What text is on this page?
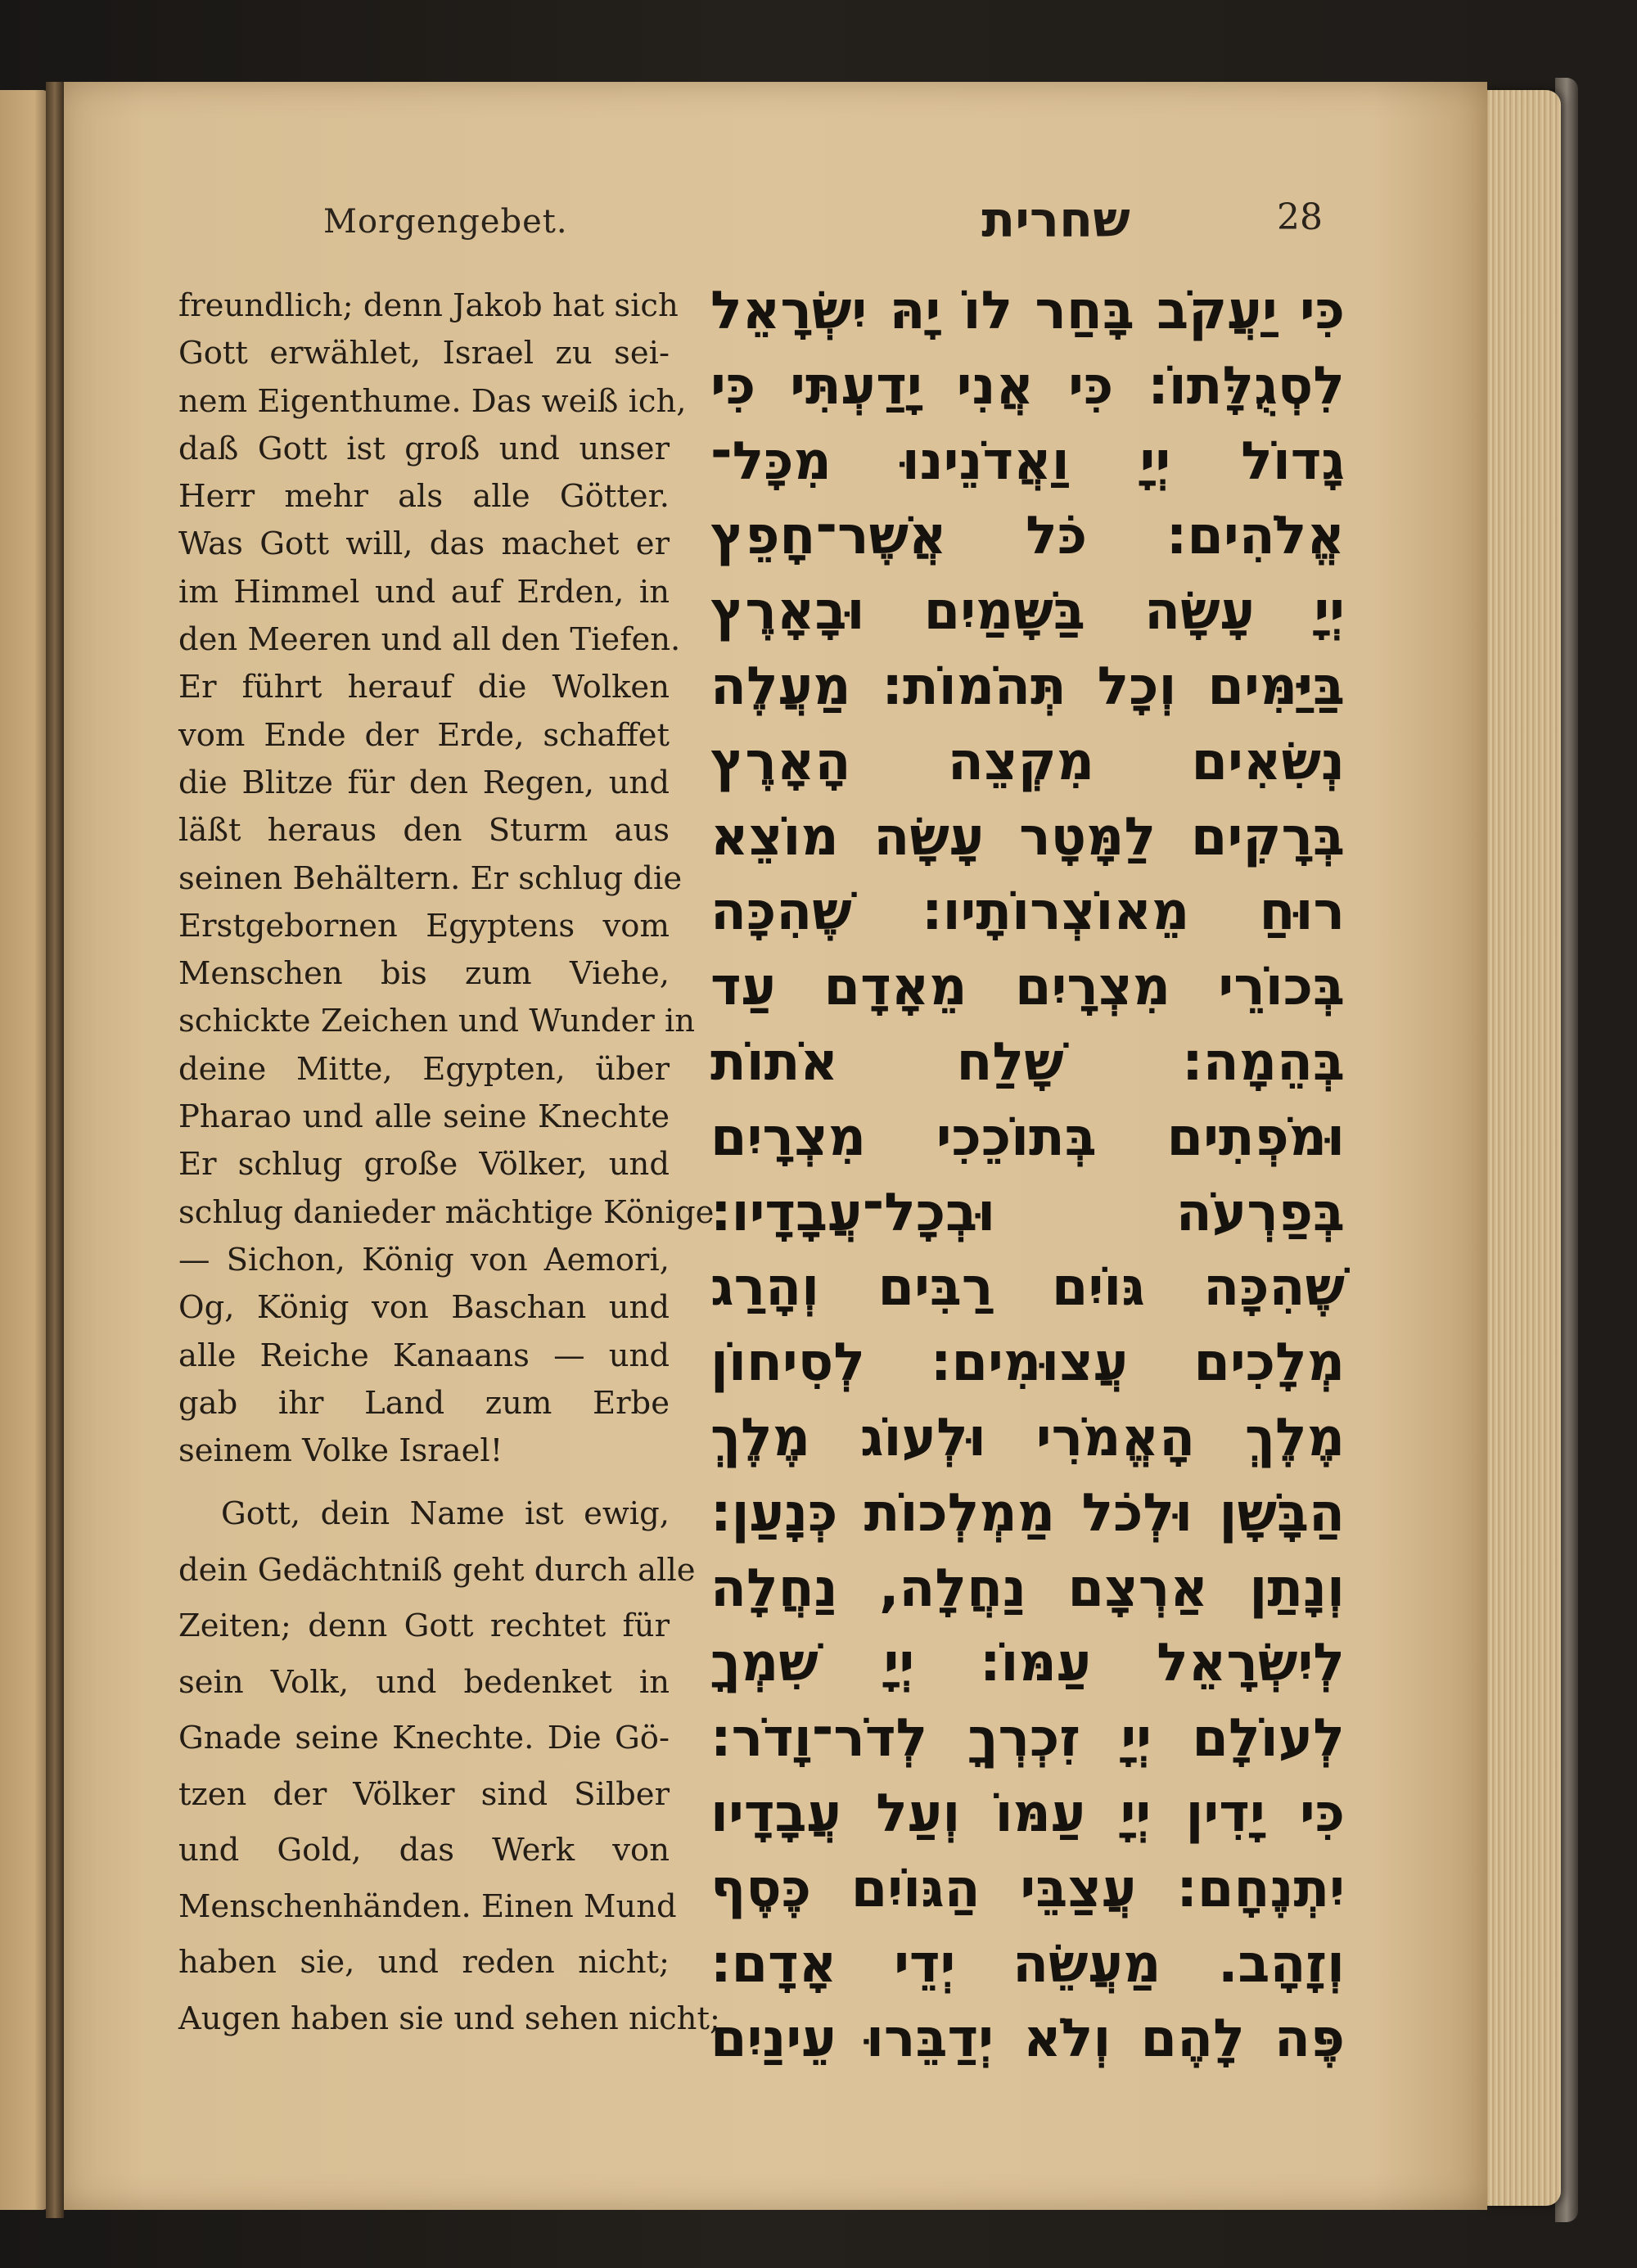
Morgengebet.	שחרית	28
freundlich; denn Jakob hat sich
Gott erwählet, Israel zu sei-
nem Eigenthume. Das weiß ich,
daß Gott ist groß und unser
Herr mehr als alle Götter.
Was Gott will, das machet er
im Himmel und auf Erden, in
den Meeren und all den Tiefen.
Er führt herauf die Wolken
vom Ende der Erde, schaffet
die Blitze für den Regen, und
läßt heraus den Sturm aus
seinen Behältern. Er schlug die
Erstgebornen Egyptens vom
Menschen bis zum Viehe,
schickte Zeichen und Wunder in
deine Mitte, Egypten, über
Pharao und alle seine Knechte
Er schlug große Völker, und
schlug danieder mächtige Könige
— Sichon, König von Aemori,
Og, König von Baschan und
alle Reiche Kanaans — und
gab ihr Land zum Erbe
seinem Volke Israel!
Gott, dein Name ist ewig,
dein Gedächtniß geht durch alle
Zeiten; denn Gott rechtet für
sein Volk, und bedenket in
Gnade seine Knechte. Die Gö-
tzen der Völker sind Silber
und Gold, das Werk von
Menschenhänden. Einen Mund
haben sie, und reden nicht;
Augen haben sie und sehen nicht;
כִּי יַעֲקֹב בָּחַר לוֹ יָהּ יִשְׂרָאֵל
לִסְגֻלָּתוֹ: כִּי אֲנִי יָדַעְתִּי כִּי
גָדוֹל יְיָ וַאֲדֹנֵינוּ מִכָּל־
אֱלֹהִים: כֹּל אֲשֶׁר־חָפֵץ
יְיָ עָשָׂה בַּשָּׁמַיִם וּבָאָרֶץ
בַּיַּמִּים וְכָל תְּהֹמוֹת: מַעֲלֶה
נְשִׂאִים מִקְצֵה הָאָרֶץ
בְּרָקִים לַמָּטָר עָשָׂה מוֹצֵא
רוּחַ מֵאוֹצְרוֹתָיו: שֶׁהִכָּה
בְּכוֹרֵי מִצְרָיִם מֵאָדָם עַד
בְּהֵמָה: שָׁלַח אֹתוֹת
וּמֹפְתִים בְּתוֹכֵכִי מִצְרָיִם
בְּפַרְעֹה וּבְכָל־עֲבָדָיו:
שֶׁהִכָּה גּוֹיִם רַבִּים וְהָרַג
מְלָכִים עֲצוּמִים: לְסִיחוֹן
מֶלֶךְ הָאֱמֹרִי וּלְעוֹג מֶלֶךְ
הַבָּשָׁן וּלְכֹל מַמְלְכוֹת כְּנָעַן:
וְנָתַן אַרְצָם נַחֲלָה, נַחֲלָה
לְיִשְׂרָאֵל עַמּוֹ: יְיָ שִׁמְךָ
לְעוֹלָם יְיָ זִכְרְךָ לְדֹר־וָדֹר:
כִּי יָדִין יְיָ עַמּוֹ וְעַל עֲבָדָיו
יִתְנֶחָם: עֲצַבֵּי הַגּוֹיִם כֶּסֶף
וְזָהָב. מַעֲשֵׂה יְדֵי אָדָם:
פֶּה לָהֶם וְלֹא יְדַבֵּרוּ עֵינַיִם
